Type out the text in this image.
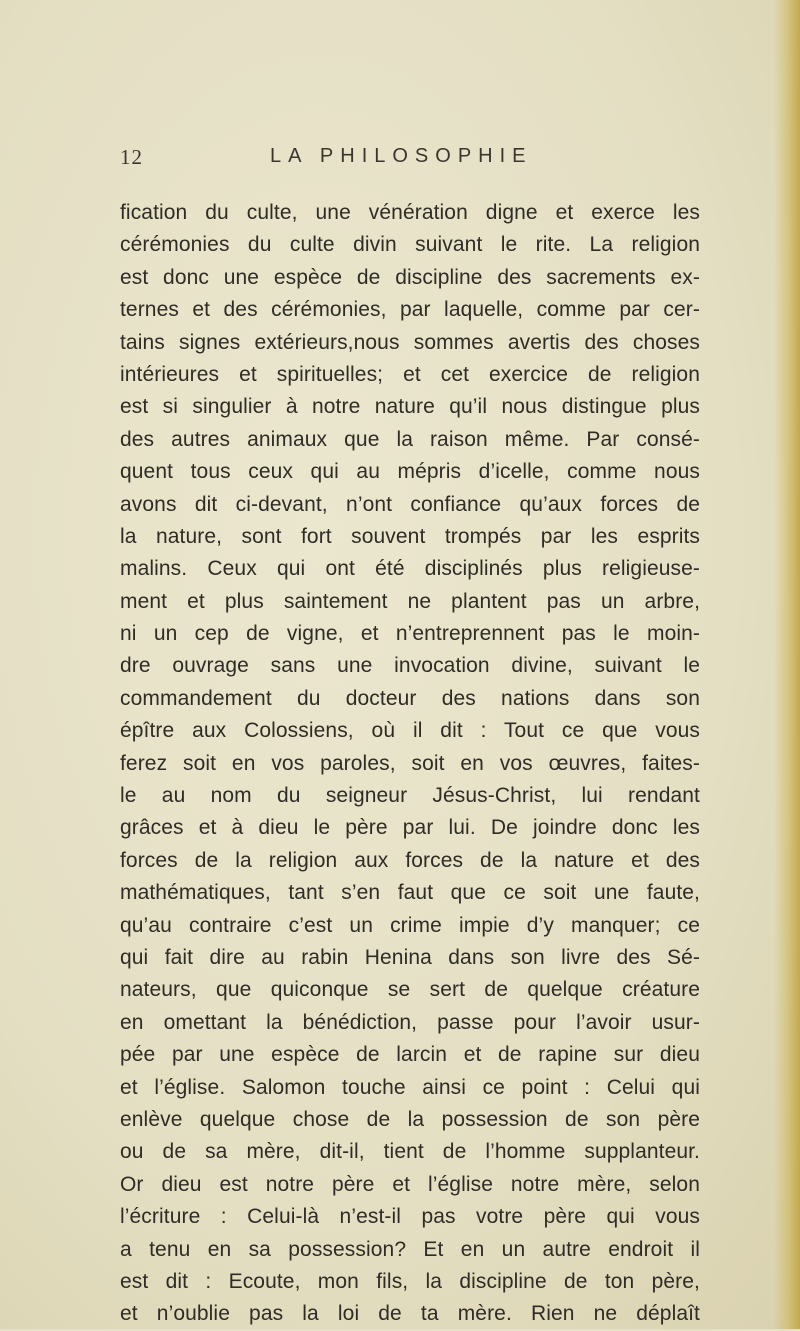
12	LA PHILOSOPHIE
fication du culte, une vénération digne et exerce les
cérémonies du culte divin suivant le rite. La religion
est donc une espèce de discipline des sacrements ex-
ternes et des cérémonies, par laquelle, comme par cer-
tains signes extérieurs,nous sommes avertis des choses
intérieures et spirituelles; et cet exercice de religion
est si singulier à notre nature qu’il nous distingue plus
des autres animaux que la raison même. Par consé-
quent tous ceux qui au mépris d’icelle, comme nous
avons dit ci-devant, n’ont confiance qu’aux forces de
la nature, sont fort souvent trompés par les esprits
malins. Ceux qui ont été disciplinés plus religieuse-
ment et plus saintement ne plantent pas un arbre,
ni un cep de vigne, et n’entreprennent pas le moin-
dre ouvrage sans une invocation divine, suivant le
commandement du docteur des nations dans son
épître aux Colossiens, où il dit : Tout ce que vous
ferez soit en vos paroles, soit en vos œuvres, faites-
le au nom du seigneur Jésus-Christ, lui rendant
grâces et à dieu le père par lui. De joindre donc les
forces de la religion aux forces de la nature et des
mathématiques, tant s’en faut que ce soit une faute,
qu’au contraire c’est un crime impie d’y manquer; ce
qui fait dire au rabin Henina dans son livre des Sé-
nateurs, que quiconque se sert de quelque créature
en omettant la bénédiction, passe pour l’avoir usur-
pée par une espèce de larcin et de rapine sur dieu
et l’église. Salomon touche ainsi ce point : Celui qui
enlève quelque chose de la possession de son père
ou de sa mère, dit-il, tient de l’homme supplanteur.
Or dieu est notre père et l’église notre mère, selon
l’écriture : Celui-là n’est-il pas votre père qui vous
a tenu en sa possession? Et en un autre endroit il
est dit : Ecoute, mon fils, la discipline de ton père,
et n’oublie pas la loi de ta mère. Rien ne déplaît
